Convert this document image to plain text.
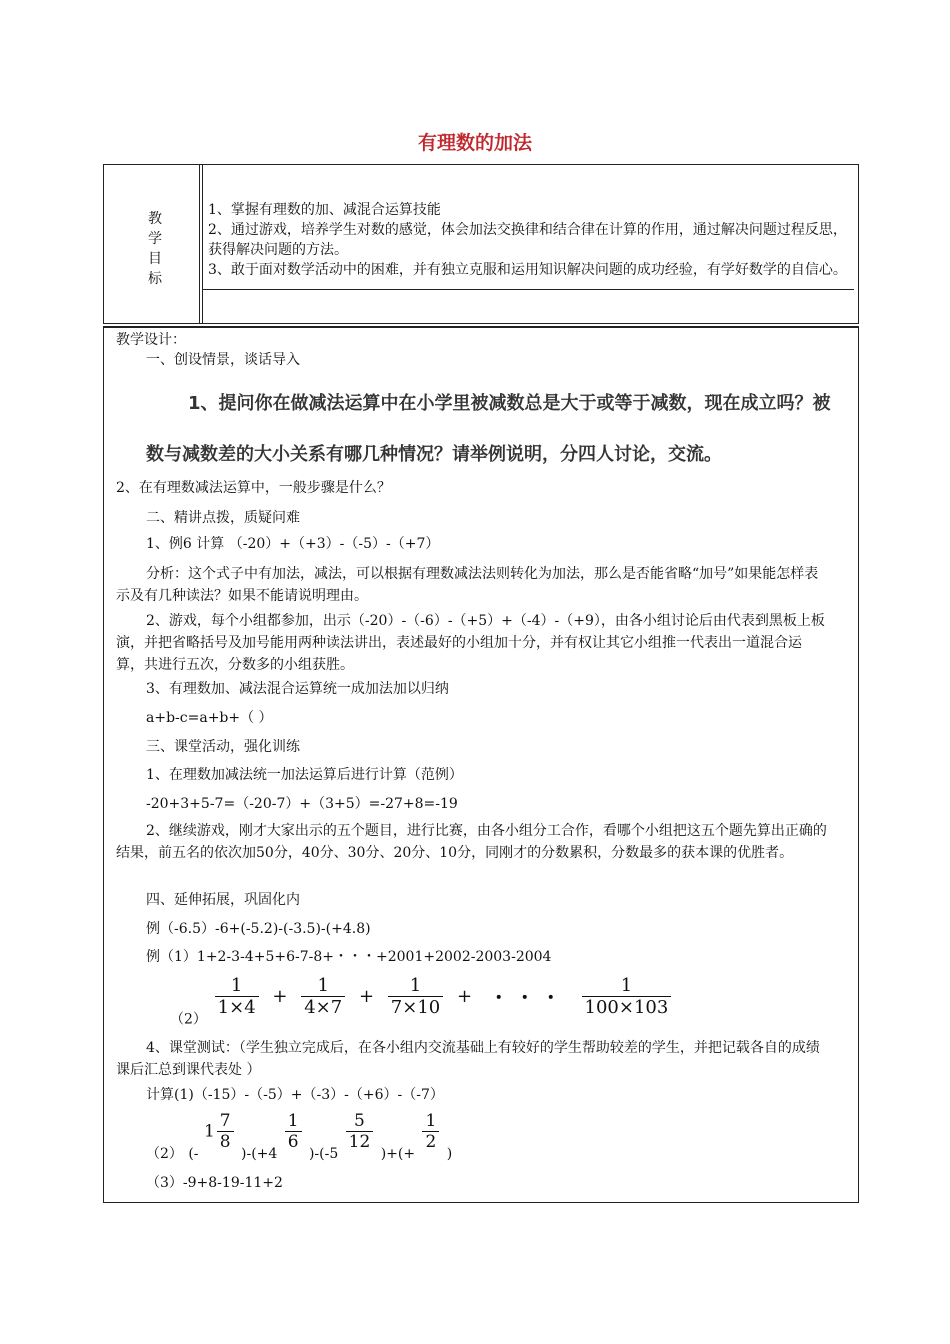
有理数的加法
教
学
目
标

1、掌握有理数的加、减混合运算技能

2、通过游戏，培养学生对数的感觉，体会加法交换律和结合律在计算的作用，通过解决问题过程反思，获得解决问题的方法。

3、敢于面对数学活动中的困难，并有独立克服和运用知识解决问题的成功经验，有学好数学的自信心。

教学设计：
一、创设情景，谈话导入
1、提问你在做减法运算中在小学里被减数总是大于或等于减数，现在成立吗？被
数与减数差的大小关系有哪几种情况？请举例说明，分四人讨论，交流。
2、在有理数减法运算中，一般步骤是什么？
二、精讲点拨，质疑问难
1、例6 计算 （-20）+（+3）-（-5）-（+7）
分析：这个式子中有加法，减法，可以根据有理数减法法则转化为加法，那么是否能省略“加号”如果能怎样表示及有几种读法？如果不能请说明理由。
2、游戏，每个小组都参加，出示（-20）-（-6）-（+5）+（-4）-（+9），由各小组讨论后由代表到黑板上板演，并把省略括号及加号能用两种读法讲出，表述最好的小组加十分，并有权让其它小组推一代表出一道混合运算，共进行五次，分数多的小组获胜。
3、有理数加、减法混合运算统一成加法加以归纳
a+b-c=a+b+（ ）
三、课堂活动，强化训练
1、在理数加减法统一加法运算后进行计算（范例）
-20+3+5-7=（-20-7）+（3+5）=-27+8=-19
2、继续游戏，刚才大家出示的五个题目，进行比赛，由各小组分工合作，看哪个小组把这五个题先算出正确的结果，前五名的依次加50分，40分、30分、20分、10分，同刚才的分数累积，分数最多的获本课的优胜者。
四、延伸拓展，巩固化内
例（-6.5）-6+(-5.2)-(-3.5)-(+4.8)
例（1）1+2-3-4+5+6-7-8+・・・+2001+2002-2003-2004
$_{(2)}$
$\frac{1}{1\times 4} + \frac{1}{4\times 7} + \frac{1}{7\times 10}$ + ・・・ $\frac{1}{100\times 103}$
4、课堂测试：（学生独立完成后，在各小组内交流基础上有较好的学生帮助较差的学生，并把记载各自的成绩课后汇总到课代表处 ）
计算(1)（-15）-（-5）+（-3）-（+6）-（-7）
$_{(2)}$ $_{(-}$ $1 \frac{7}{8}$
$_{)-(+4}$
$\frac{1}{6}$
$_{)-(-5}$
$\frac{5}{12}$
$_{)+(+}$
$\frac{1}{2}$
$_)$
（3）-9+8-19-11+2
